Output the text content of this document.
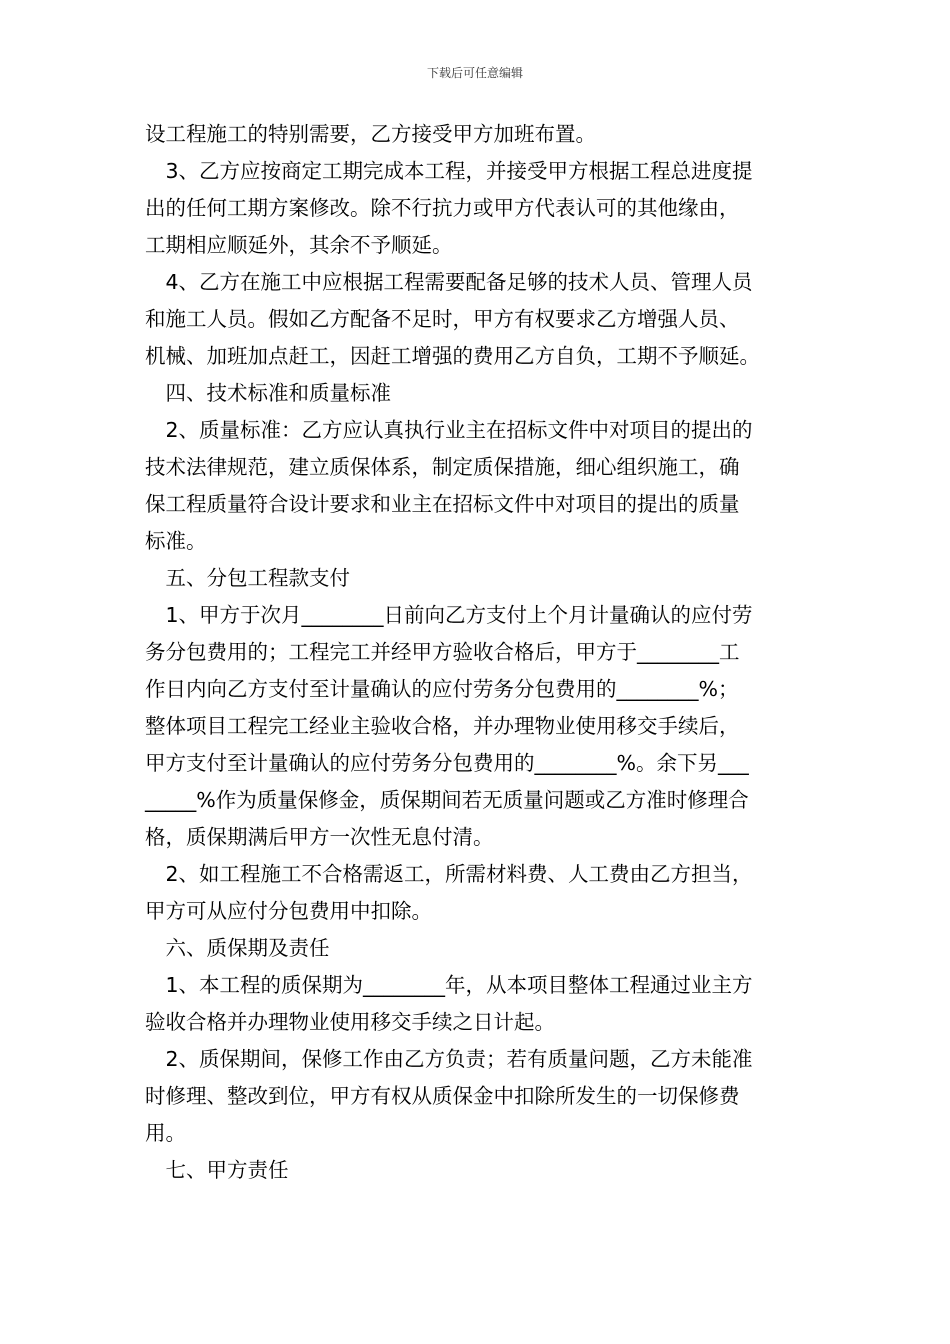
下载后可任意编辑
设工程施工的特别需要，乙方接受甲方加班布置。
　3、乙方应按商定工期完成本工程，并接受甲方根据工程总进度提
出的任何工期方案修改。除不行抗力或甲方代表认可的其他缘由，
工期相应顺延外，其余不予顺延。
　4、乙方在施工中应根据工程需要配备足够的技术人员、管理人员
和施工人员。假如乙方配备不足时，甲方有权要求乙方增强人员、
机械、加班加点赶工，因赶工增强的费用乙方自负，工期不予顺延。
　四、技术标准和质量标准
　2、质量标准：乙方应认真执行业主在招标文件中对项目的提出的
技术法律规范，建立质保体系，制定质保措施，细心组织施工，确
保工程质量符合设计要求和业主在招标文件中对项目的提出的质量
标准。
　五、分包工程款支付
　1、甲方于次月________日前向乙方支付上个月计量确认的应付劳
务分包费用的；工程完工并经甲方验收合格后，甲方于________工
作日内向乙方支付至计量确认的应付劳务分包费用的________%；
整体项目工程完工经业主验收合格，并办理物业使用移交手续后，
甲方支付至计量确认的应付劳务分包费用的________%。余下另___
_____%作为质量保修金，质保期间若无质量问题或乙方准时修理合
格，质保期满后甲方一次性无息付清。
　2、如工程施工不合格需返工，所需材料费、人工费由乙方担当，
甲方可从应付分包费用中扣除。
　六、质保期及责任
　1、本工程的质保期为________年，从本项目整体工程通过业主方
验收合格并办理物业使用移交手续之日计起。
　2、质保期间，保修工作由乙方负责；若有质量问题，乙方未能准
时修理、整改到位，甲方有权从质保金中扣除所发生的一切保修费
用。
　七、甲方责任
